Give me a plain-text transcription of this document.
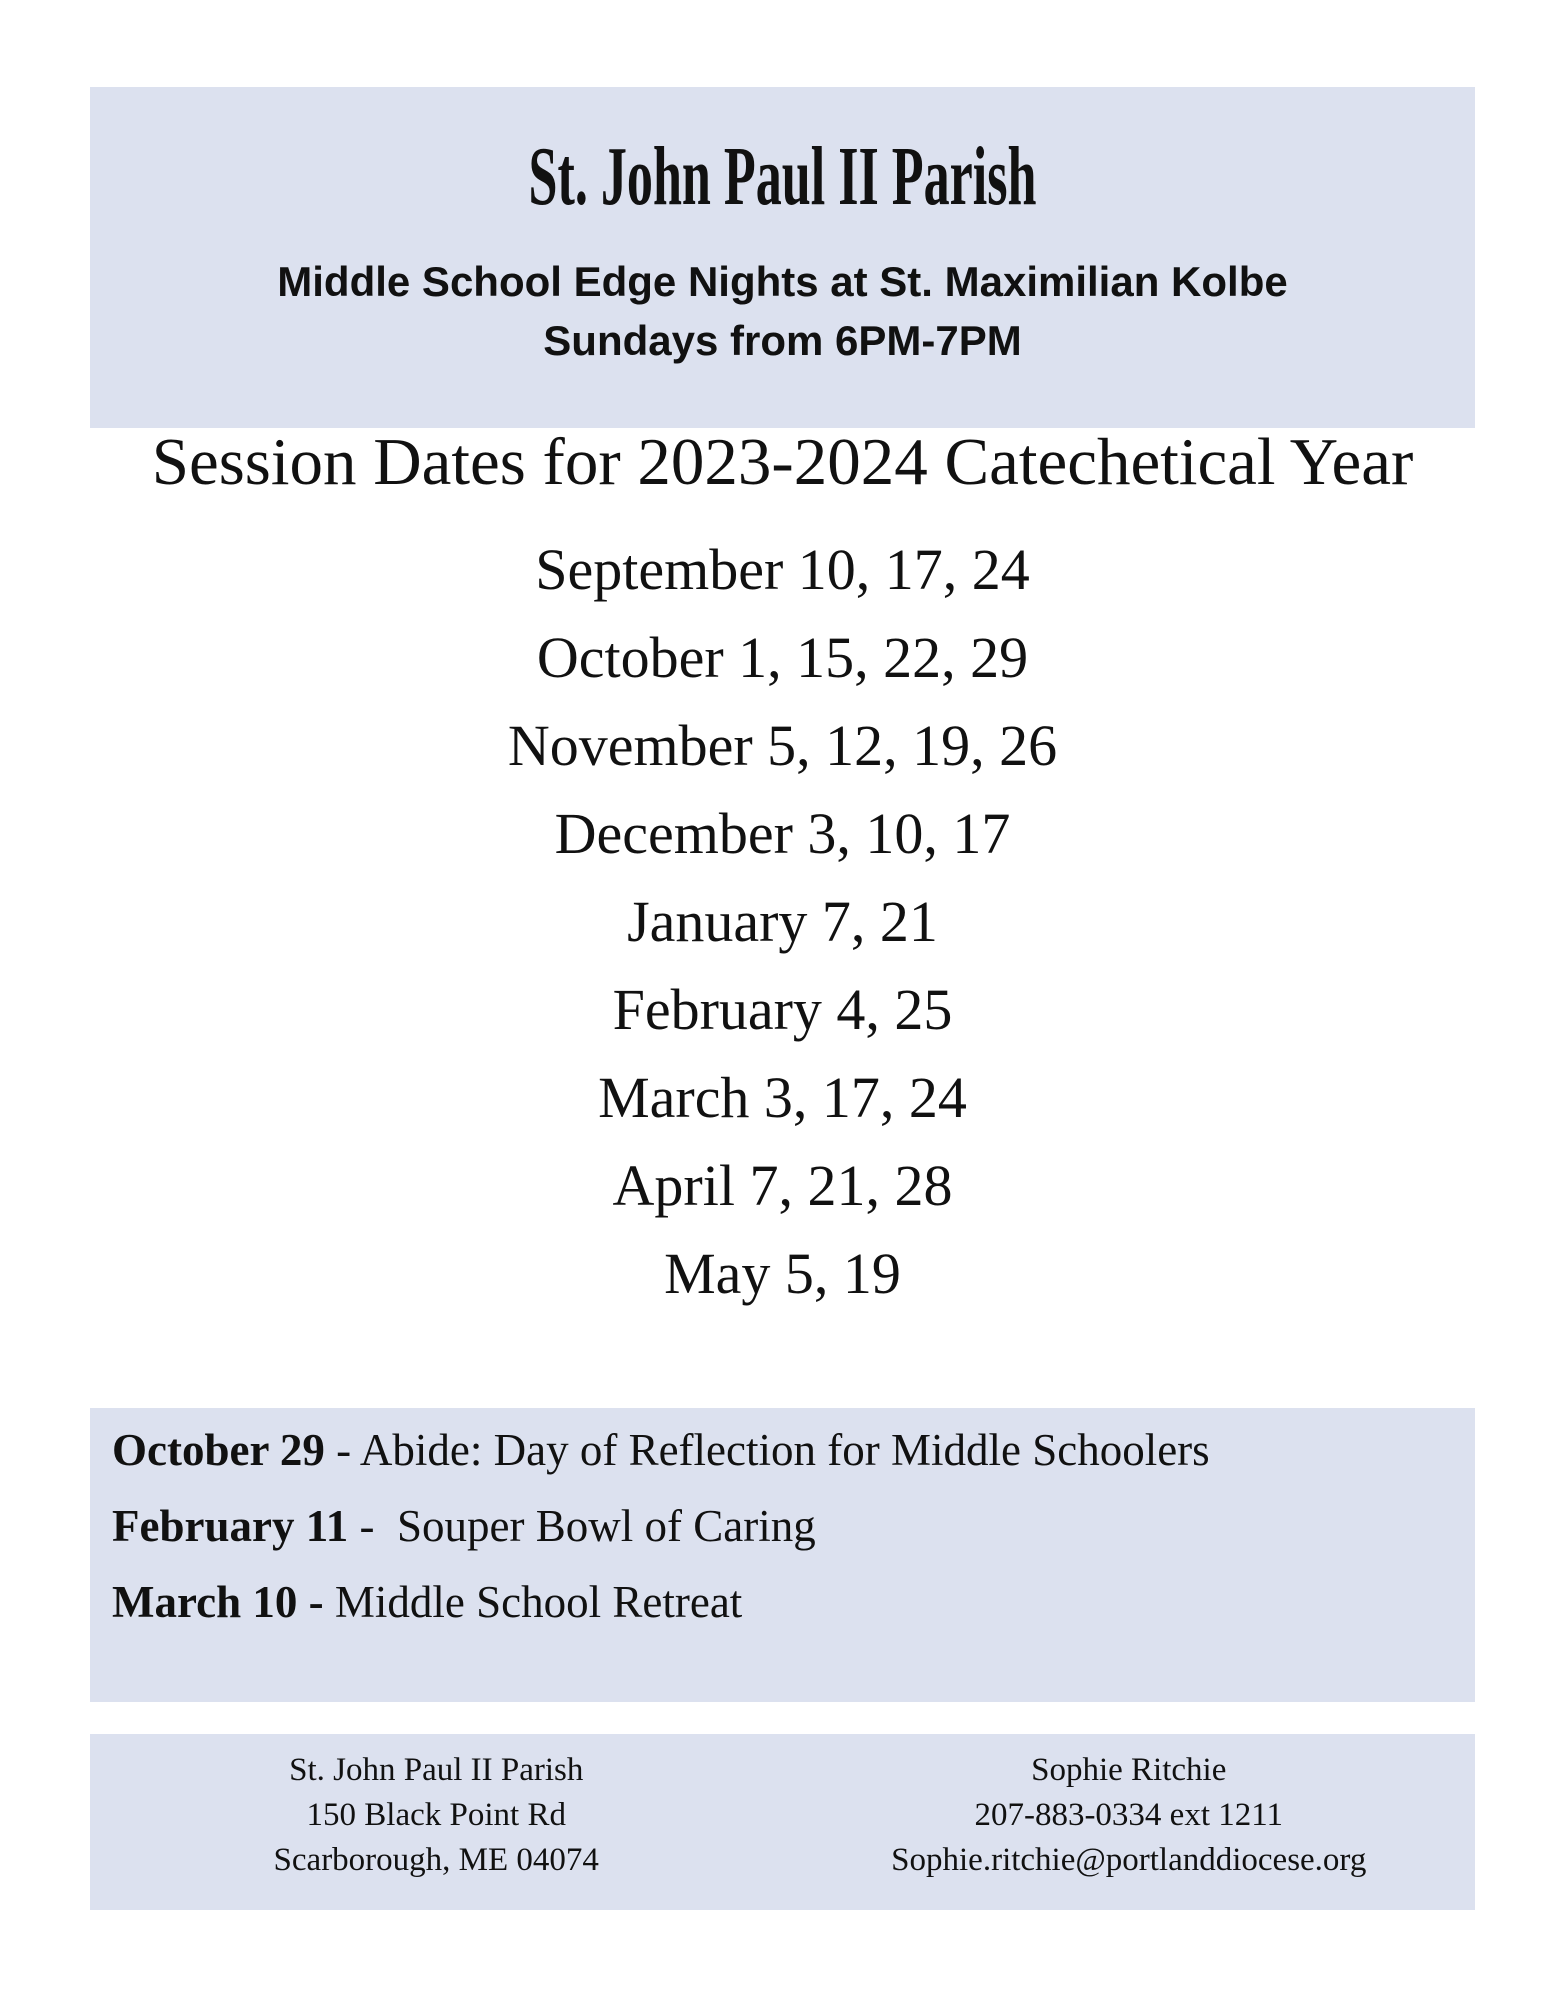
St. John Paul II Parish
Middle School Edge Nights at St. Maximilian Kolbe
Sundays from 6PM-7PM
Session Dates for 2023-2024 Catechetical Year
September 10, 17, 24
October 1, 15, 22, 29
November 5, 12, 19, 26
December 3, 10, 17
January 7, 21
February 4, 25
March 3, 17, 24
April 7, 21, 28
May 5, 19
October 29 - Abide: Day of Reflection for Middle Schoolers
February 11 -  Souper Bowl of Caring
March 10 - Middle School Retreat
St. John Paul II Parish
150 Black Point Rd
Scarborough, ME 04074
Sophie Ritchie
207-883-0334 ext 1211
Sophie.ritchie@portlanddiocese.org
